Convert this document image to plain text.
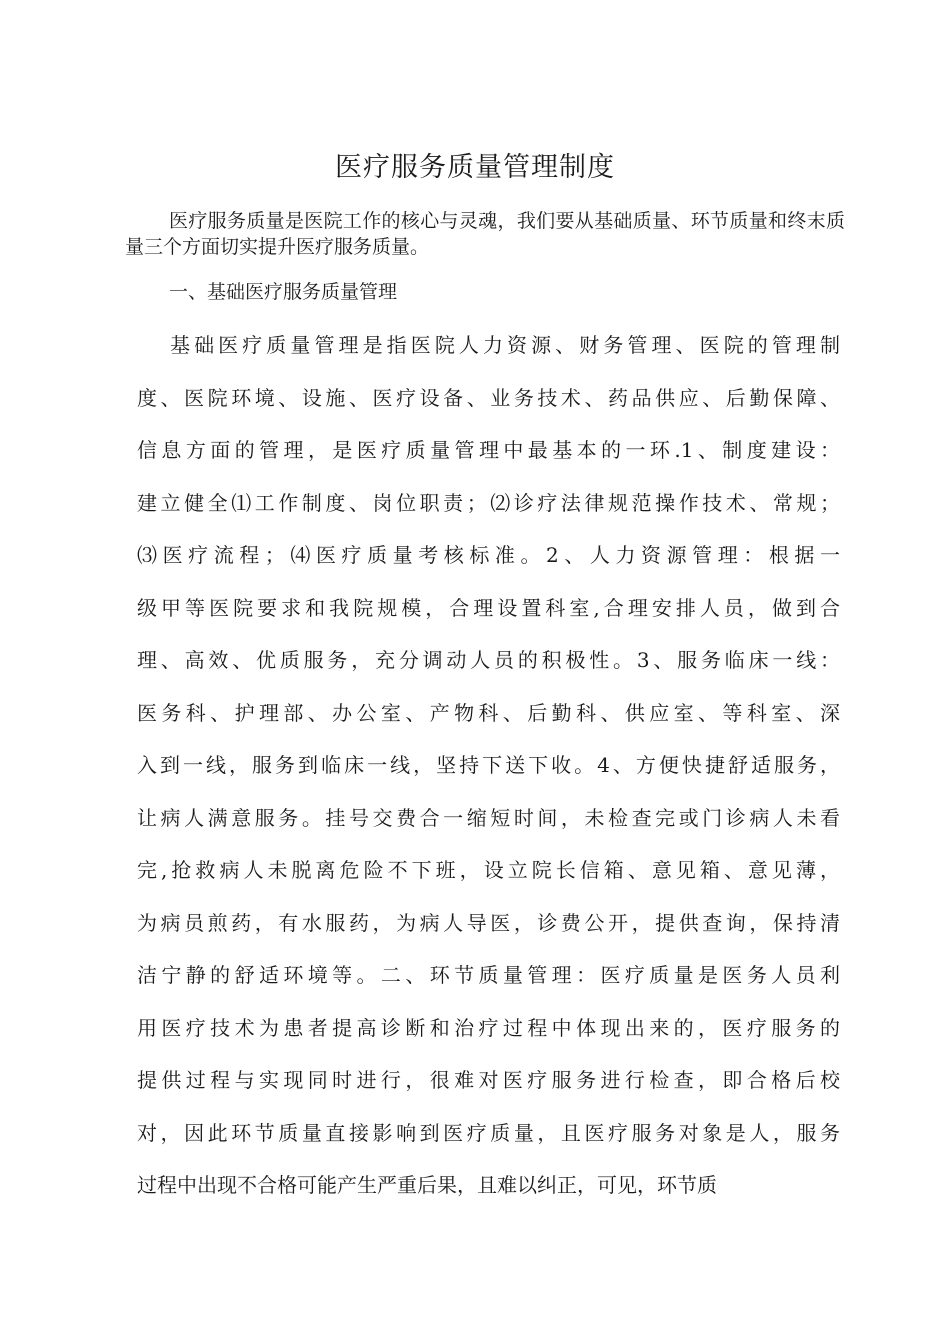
医疗服务质量管理制度
医疗服务质量是医院工作的核心与灵魂，我们要从基础质量、环节质量和终末质量三个方面切实提升医疗服务质量。
一、基础医疗服务质量管理
基础医疗质量管理是指医院人力资源、财务管理、医院的管理制
度、医院环境、设施、医疗设备、业务技术、药品供应、后勤保障、
信息方面的管理，是医疗质量管理中最基本的一环.1、制度建设：
建立健全⑴工作制度、岗位职责；⑵诊疗法律规范操作技术、常规；
⑶医疗流程；⑷医疗质量考核标准。2、人力资源管理：根据一
级甲等医院要求和我院规模，合理设置科室,合理安排人员，做到合
理、高效、优质服务，充分调动人员的积极性。3、服务临床一线：
医务科、护理部、办公室、产物科、后勤科、供应室、等科室、深
入到一线，服务到临床一线，坚持下送下收。4、方便快捷舒适服务，
让病人满意服务。挂号交费合一缩短时间，未检查完或门诊病人未看
完,抢救病人未脱离危险不下班，设立院长信箱、意见箱、意见薄，
为病员煎药，有水服药，为病人导医，诊费公开，提供查询，保持清
洁宁静的舒适环境等。二、环节质量管理：医疗质量是医务人员利
用医疗技术为患者提高诊断和治疗过程中体现出来的，医疗服务的
提供过程与实现同时进行，很难对医疗服务进行检查，即合格后校
对，因此环节质量直接影响到医疗质量，且医疗服务对象是人，服务
过程中出现不合格可能产生严重后果，且难以纠正，可见，环节质
